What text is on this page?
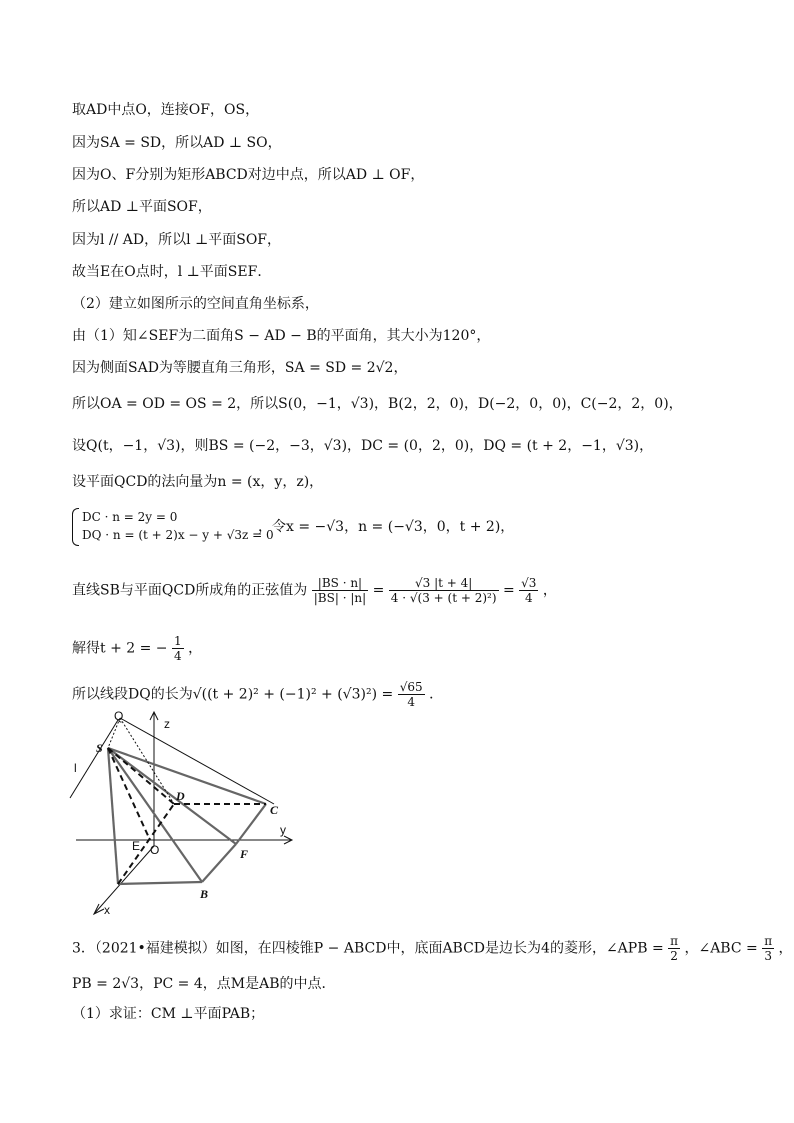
取AD中点O，连接OF，OS，
因为SA = SD，所以AD ⊥ SO，
因为O、F分别为矩形ABCD对边中点，所以AD ⊥ OF，
所以AD ⊥平面SOF，
因为l // AD，所以l ⊥平面SOF，
故当E在O点时，l ⊥平面SEF．
（2）建立如图所示的空间直角坐标系，
由（1）知∠SEF为二面角S − AD − B的平面角，其大小为120°，
因为侧面SAD为等腰直角三角形，SA = SD = 2√2，
所以OA = OD = OS = 2，所以S(0，−1，√3)，B(2，2，0)，D(−2，0，0)，C(−2，2，0)，
设Q(t，−1，√3)，则BS = (−2，−3，√3)，DC = (0，2，0)，DQ = (t + 2，−1，√3)，
设平面QCD的法向量为n = (x，y，z)，
DC · n = 2y = 0
DQ · n = (t + 2)x − y + √3z = 0
，令x = −√3，n = (−√3，0，t + 2)，
直线SB与平面QCD所成角的正弦值为 $\frac{|BS \cdot n|}{|BS| \cdot |n|} = \frac{√3 |t + 4|}{\text{4 · √(3 + (t + 2)²)}} = \frac{√3}{4}$ ，
解得t + 2 = − $\frac{1}{4}$ ，
所以线段DQ的长为$√((t + 2)^2 + (-1)^2 + (√3)^2) = \frac{√65}{4}$ ．
Q
z
S
l
D
C
y
E O	F
B
x
3．（2021•福建模拟）如图，在四棱锥P − ABCD中，底面ABCD是边长为4的菱形，∠APB = $\frac{\pi}{2}$ ，∠ABC = $\frac{\pi}{3}$ ，
PB = 2√3，PC = 4，点M是AB的中点．
（1）求证：CM ⊥平面PAB；
